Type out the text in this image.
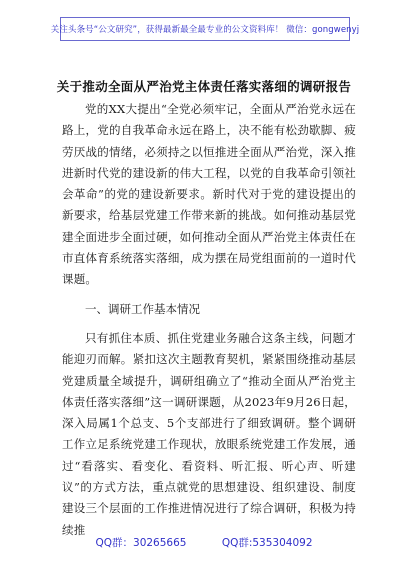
关注头条号“公文研究”，获得最新最全最专业的公文资料库！ 微信：gongwenyj
关于推动全面从严治党主体责任落实落细的调研报告

党的XX大提出“全党必须牢记，全面从严治党永远在路上，党的自我革命永远在路上，决不能有松劲歇脚、疲劳厌战的情绪，必须持之以恒推进全面从严治党，深入推进新时代党的建设新的伟大工程，以党的自我革命引领社会革命”的党的建设新要求。新时代对于党的建设提出的新要求，给基层党建工作带来新的挑战。如何推动基层党建全面进步全面过硬，如何推动全面从严治党主体责任在市直体育系统落实落细，成为摆在局党组面前的一道时代课题。

一、调研工作基本情况

只有抓住本质、抓住党建业务融合这条主线，问题才能迎刃而解。紧扣这次主题教育契机，紧紧围绕推动基层党建质量全域提升，调研组确立了“推动全面从严治党主体责任落实落细”这一调研课题，从2023年9月26日起，深入局属1个总支、5个支部进行了细致调研。整个调研工作立足系统党建工作现状，放眼系统党建工作发展，通过“看落实、看变化、看资料、听汇报、听心声、听建议”的方式方法，重点就党的思想建设、组织建设、制度建设三个层面的工作推进情况进行了综合调研，积极为持续推

QQ群：30265665	QQ群:535304092
